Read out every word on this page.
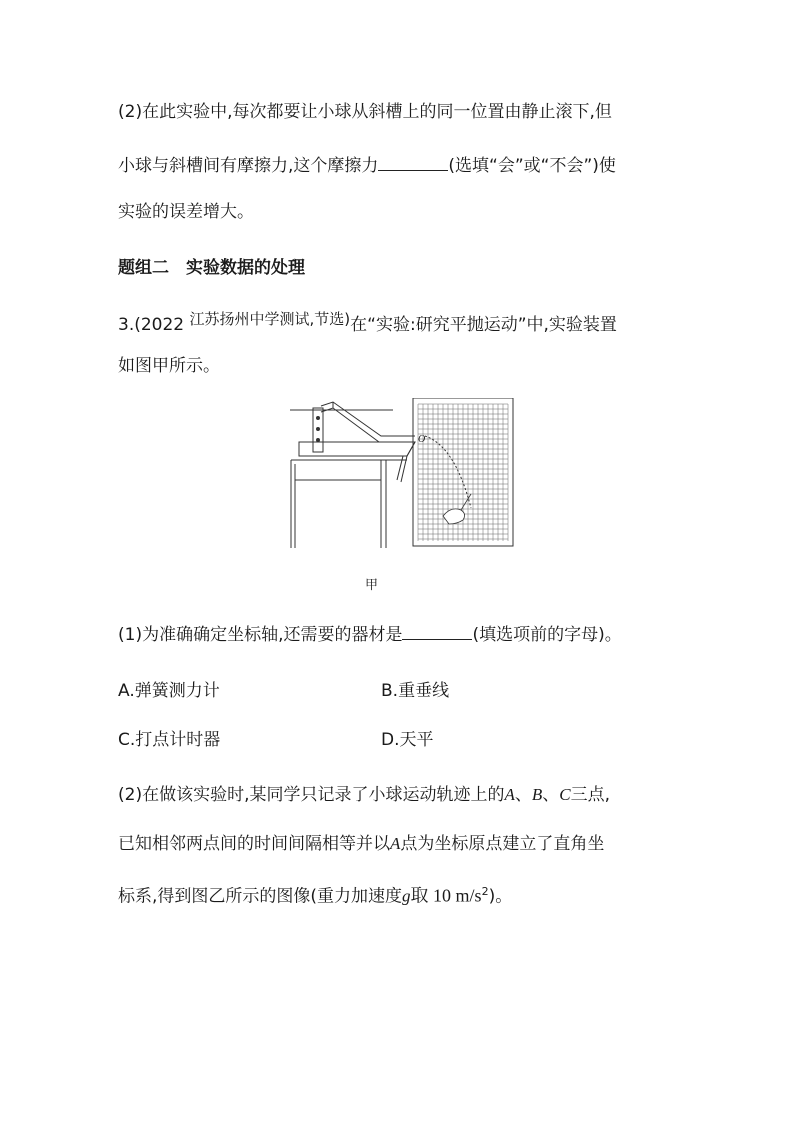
(2)在此实验中,每次都要让小球从斜槽上的同一位置由静止滚下,但
小球与斜槽间有摩擦力,这个摩擦力	(选填“会”或“不会”)使
实验的误差增大。
题组二　实验数据的处理
3.(2022 江苏扬州中学测试,节选)在“实验:研究平抛运动”中,实验装置
如图甲所示。
O
甲
(1)为准确确定坐标轴,还需要的器材是	(填选项前的字母)。
A.弹簧测力计	B.重垂线
C.打点计时器	D.天平
(2)在做该实验时,某同学只记录了小球运动轨迹上的A、B、C三点,
已知相邻两点间的时间间隔相等并以A点为坐标原点建立了直角坐
标系,得到图乙所示的图像(重力加速度g取 10 $m/s^2$)。
